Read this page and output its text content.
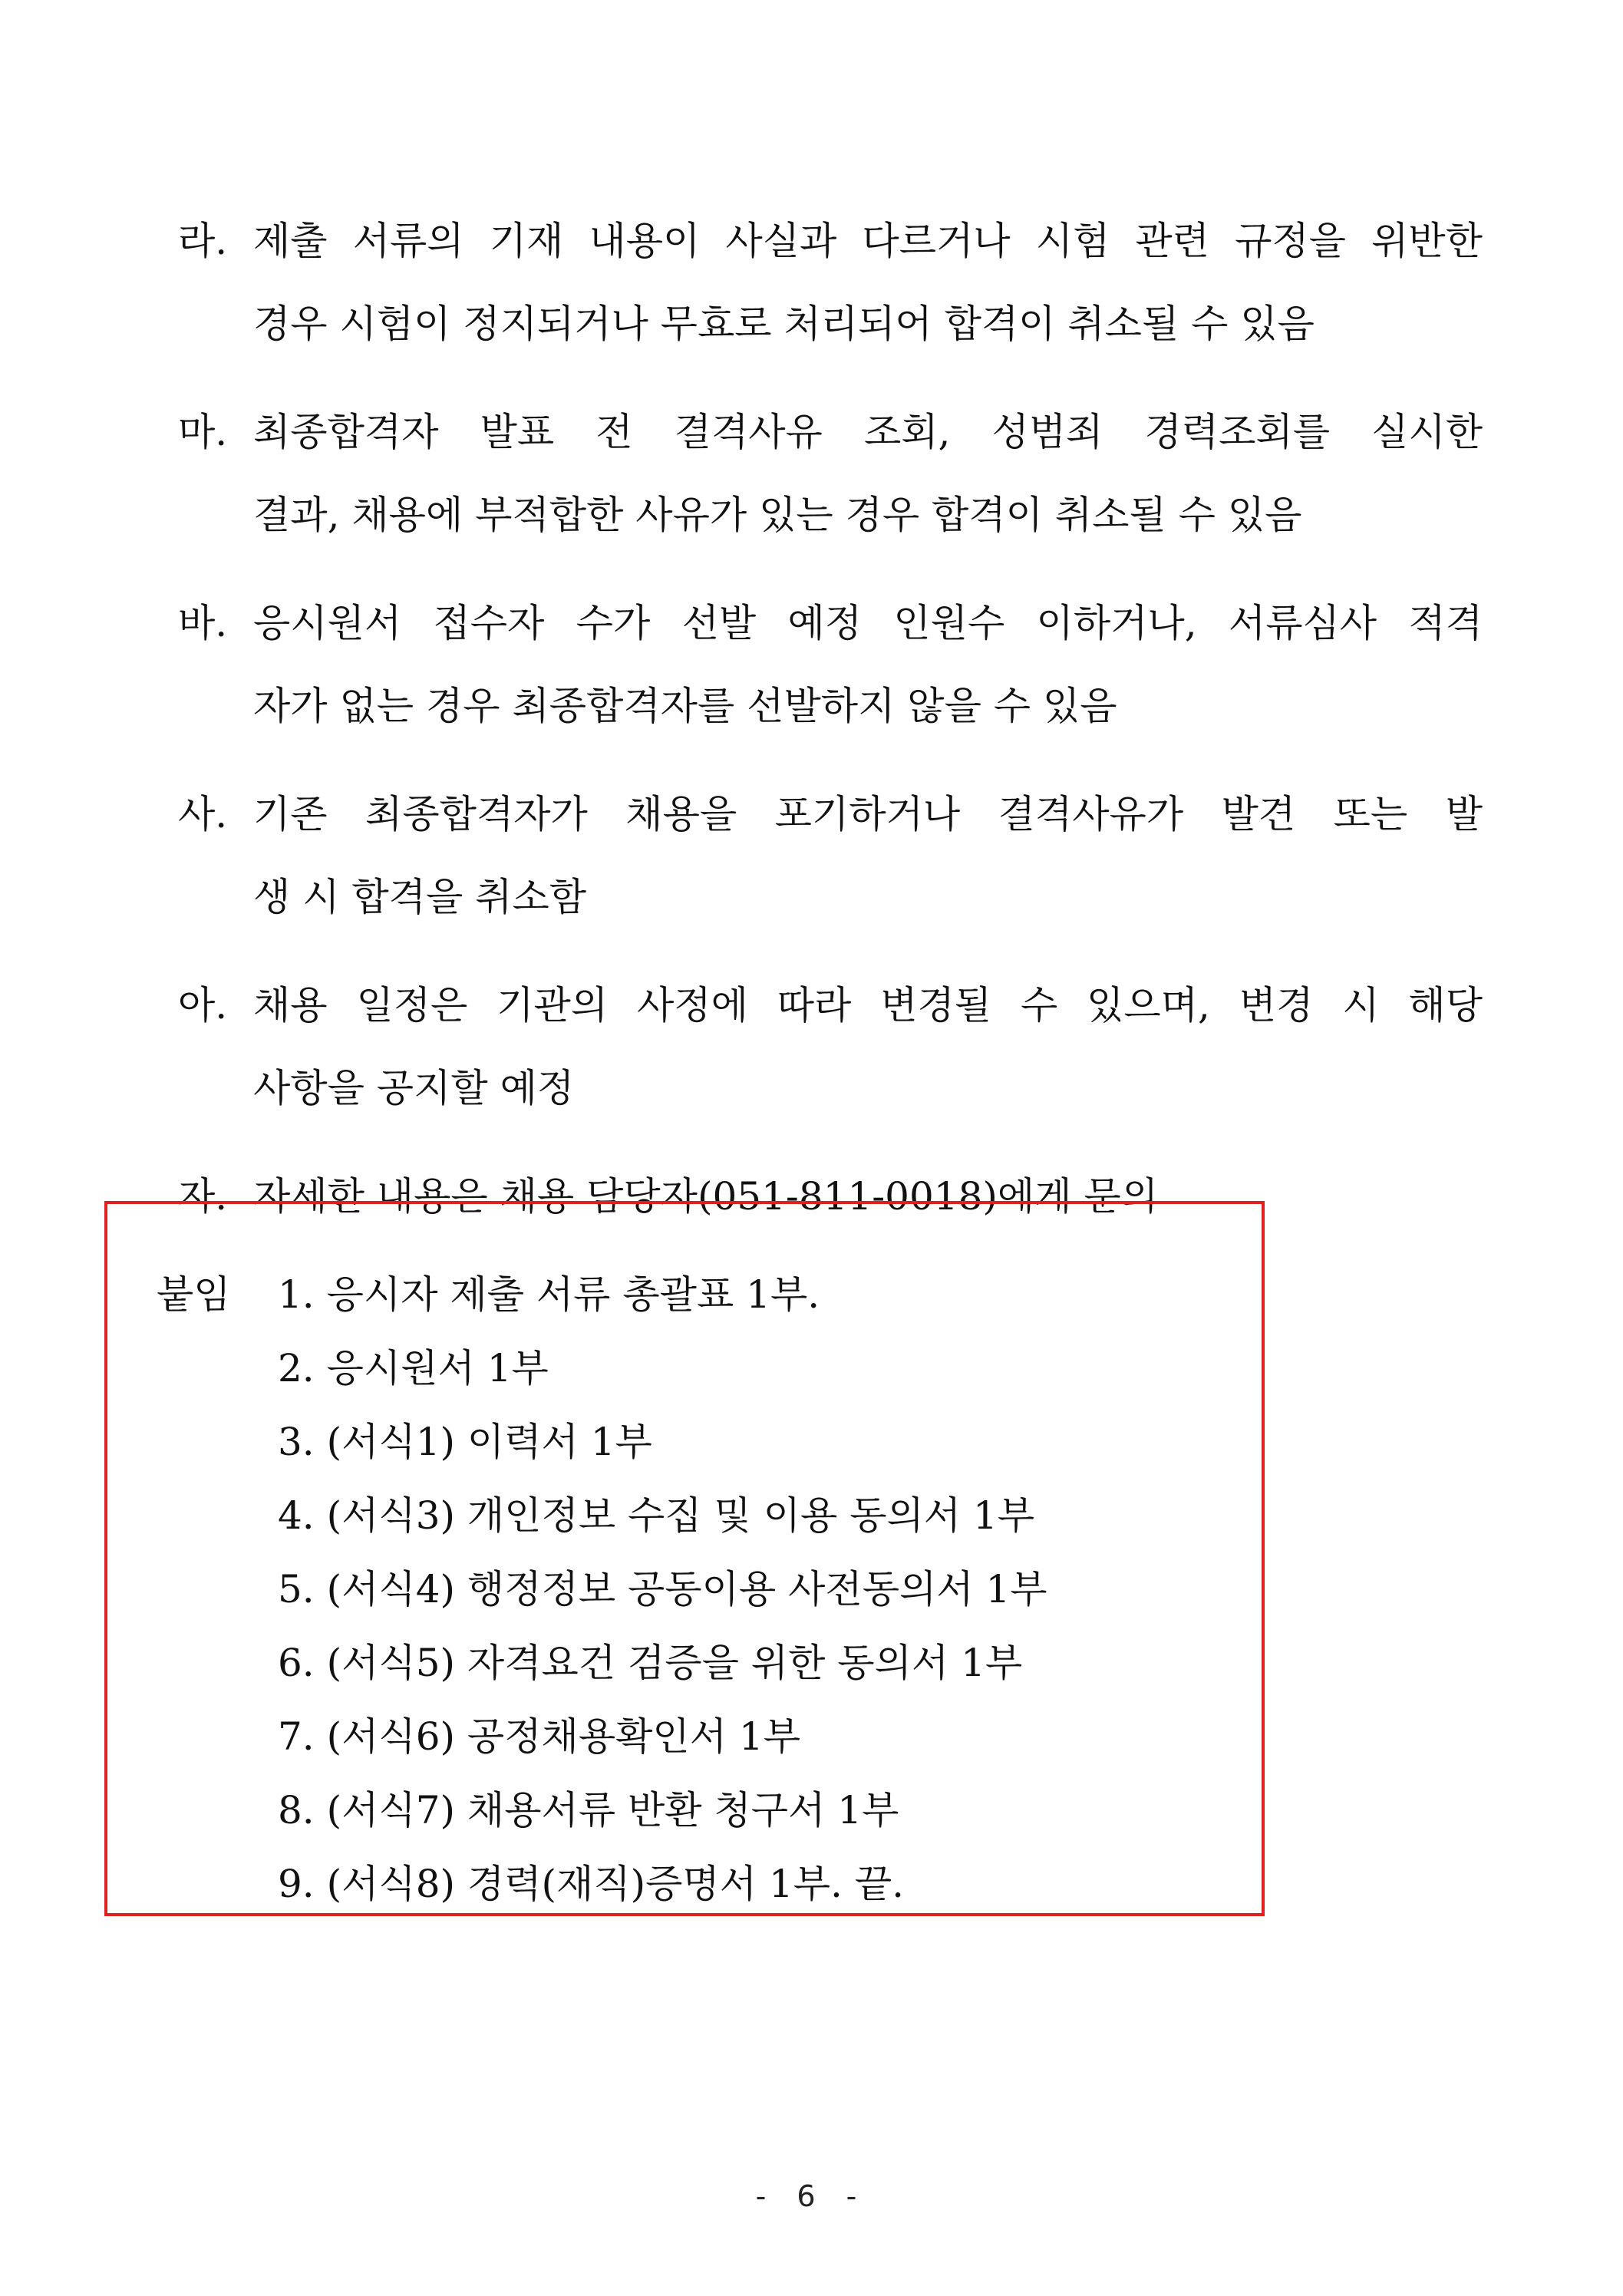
라. 제출 서류의 기재 내용이 사실과 다르거나 시험 관련 규정을 위반한
경우 시험이 정지되거나 무효로 처리되어 합격이 취소될 수 있음
마. 최종합격자 발표 전 결격사유 조회, 성범죄 경력조회를 실시한
결과, 채용에 부적합한 사유가 있는 경우 합격이 취소될 수 있음
바. 응시원서 접수자 수가 선발 예정 인원수 이하거나, 서류심사 적격
자가 없는 경우 최종합격자를 선발하지 않을 수 있음
사. 기존 최종합격자가 채용을 포기하거나 결격사유가 발견 또는 발
생 시 합격을 취소함
아. 채용 일정은 기관의 사정에 따라 변경될 수 있으며, 변경 시 해당
사항을 공지할 예정
자. 자세한 내용은 채용 담당자(051-811-0018)에게 문의
붙임 1. 응시자 제출 서류 총괄표 1부.
2. 응시원서 1부
3. (서식1) 이력서 1부
4. (서식3) 개인정보 수집 및 이용 동의서 1부
5. (서식4) 행정정보 공동이용 사전동의서 1부
6. (서식5) 자격요건 검증을 위한 동의서 1부
7. (서식6) 공정채용확인서 1부
8. (서식7) 채용서류 반환 청구서 1부
9. (서식8) 경력(재직)증명서 1부. 끝.
- 6 -
